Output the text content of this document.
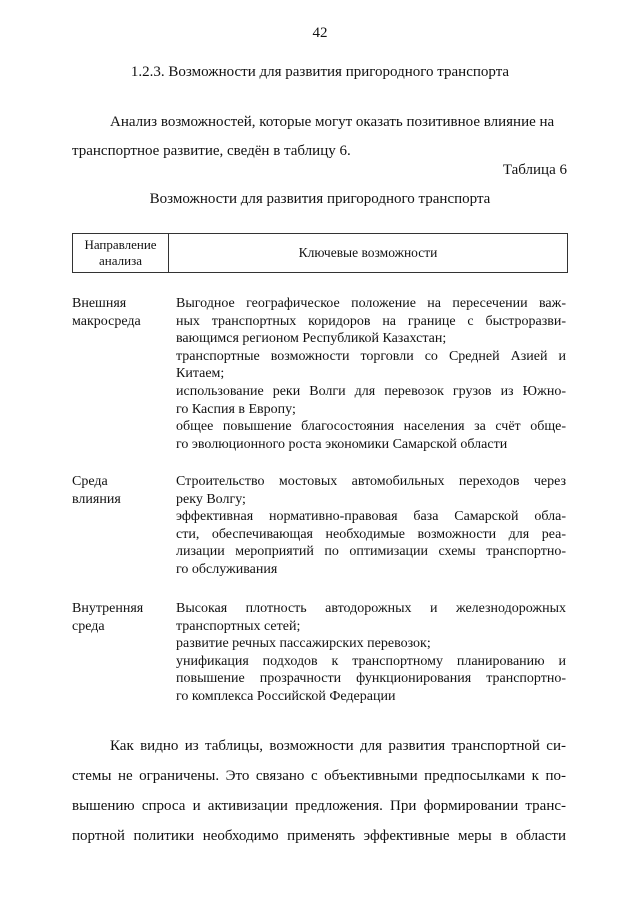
42
1.2.3. Возможности для развития пригородного транспорта
Анализ возможностей, которые могут оказать позитивное влияние на
транспортное развитие, сведён в таблицу 6.
Таблица 6
Возможности для развития пригородного транспорта
Направление
анализа
Ключевые возможности
Внешняя
макросреда
Выгодное географическое положение на пересечении важ-
ных транспортных коридоров на границе с быстроразви-
вающимся регионом Республикой Казахстан;
транспортные возможности торговли со Средней Азией и
Китаем;
использование реки Волги для перевозок грузов из Южно-
го Каспия в Европу;
общее повышение благосостояния населения за счёт обще-
го эволюционного роста экономики Самарской области
Среда
влияния
Строительство мостовых автомобильных переходов через
реку Волгу;
эффективная нормативно-правовая база Самарской обла-
сти, обеспечивающая необходимые возможности для реа-
лизации мероприятий по оптимизации схемы транспортно-
го обслуживания
Внутренняя
среда
Высокая плотность автодорожных и железнодорожных
транспортных сетей;
развитие речных пассажирских перевозок;
унификация подходов к транспортному планированию и
повышение прозрачности функционирования транспортно-
го комплекса Российской Федерации
Как видно из таблицы, возможности для развития транспортной си-
стемы не ограничены. Это связано с объективными предпосылками к по-
вышению спроса и активизации предложения. При формировании транс-
портной политики необходимо применять эффективные меры в области
